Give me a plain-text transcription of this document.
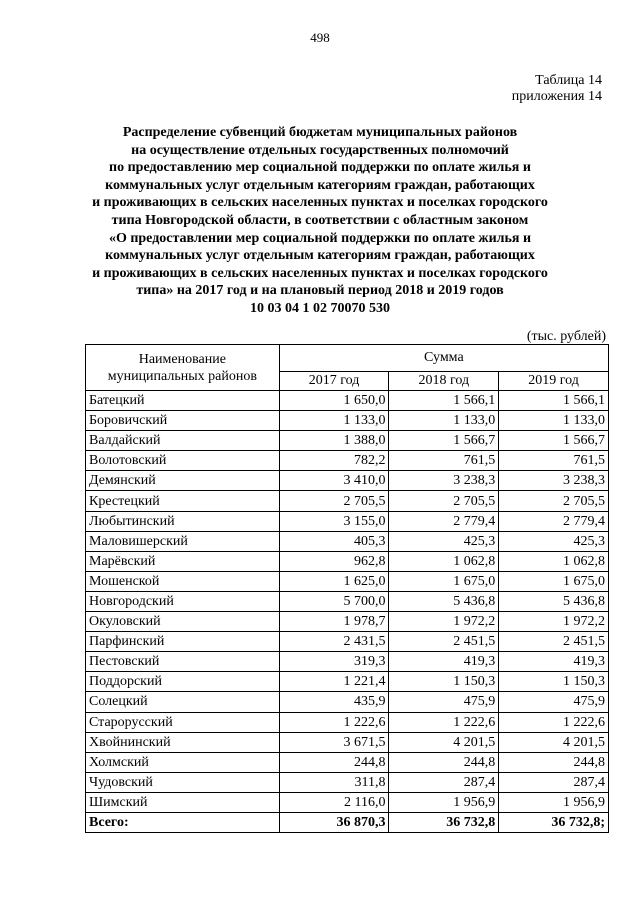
498
Таблица 14
приложения 14
Распределение субвенций бюджетам муниципальных районов
на осуществление отдельных государственных полномочий
по предоставлению мер социальной поддержки по оплате жилья и
коммунальных услуг отдельным категориям граждан, работающих
и проживающих в сельских населенных пунктах и поселках городского
типа Новгородской области, в соответствии с областным законом
«О предоставлении мер социальной поддержки по оплате жилья и
коммунальных услуг отдельным категориям граждан, работающих
и проживающих в сельских населенных пунктах и поселках городского
типа» на 2017 год и на плановый период 2018 и 2019 годов
10 03 04 1 02 70070 530
(тыс. рублей)
Наименование муниципальных районов	Сумма		
	2017 год	2018 год	2019 год
Батецкий	1 650,0	1 566,1	1 566,1
Боровичский	1 133,0	1 133,0	1 133,0
Валдайский	1 388,0	1 566,7	1 566,7
Волотовский	782,2	761,5	761,5
Демянский	3 410,0	3 238,3	3 238,3
Крестецкий	2 705,5	2 705,5	2 705,5
Любытинский	3 155,0	2 779,4	2 779,4
Маловишерский	405,3	425,3	425,3
Марёвский	962,8	1 062,8	1 062,8
Мошенской	1 625,0	1 675,0	1 675,0
Новгородский	5 700,0	5 436,8	5 436,8
Окуловский	1 978,7	1 972,2	1 972,2
Парфинский	2 431,5	2 451,5	2 451,5
Пестовский	319,3	419,3	419,3
Поддорский	1 221,4	1 150,3	1 150,3
Солецкий	435,9	475,9	475,9
Старорусский	1 222,6	1 222,6	1 222,6
Хвойнинский	3 671,5	4 201,5	4 201,5
Холмский	244,8	244,8	244,8
Чудовский	311,8	287,4	287,4
Шимский	2 116,0	1 956,9	1 956,9
Всего:	36 870,3	36 732,8	36 732,8;
